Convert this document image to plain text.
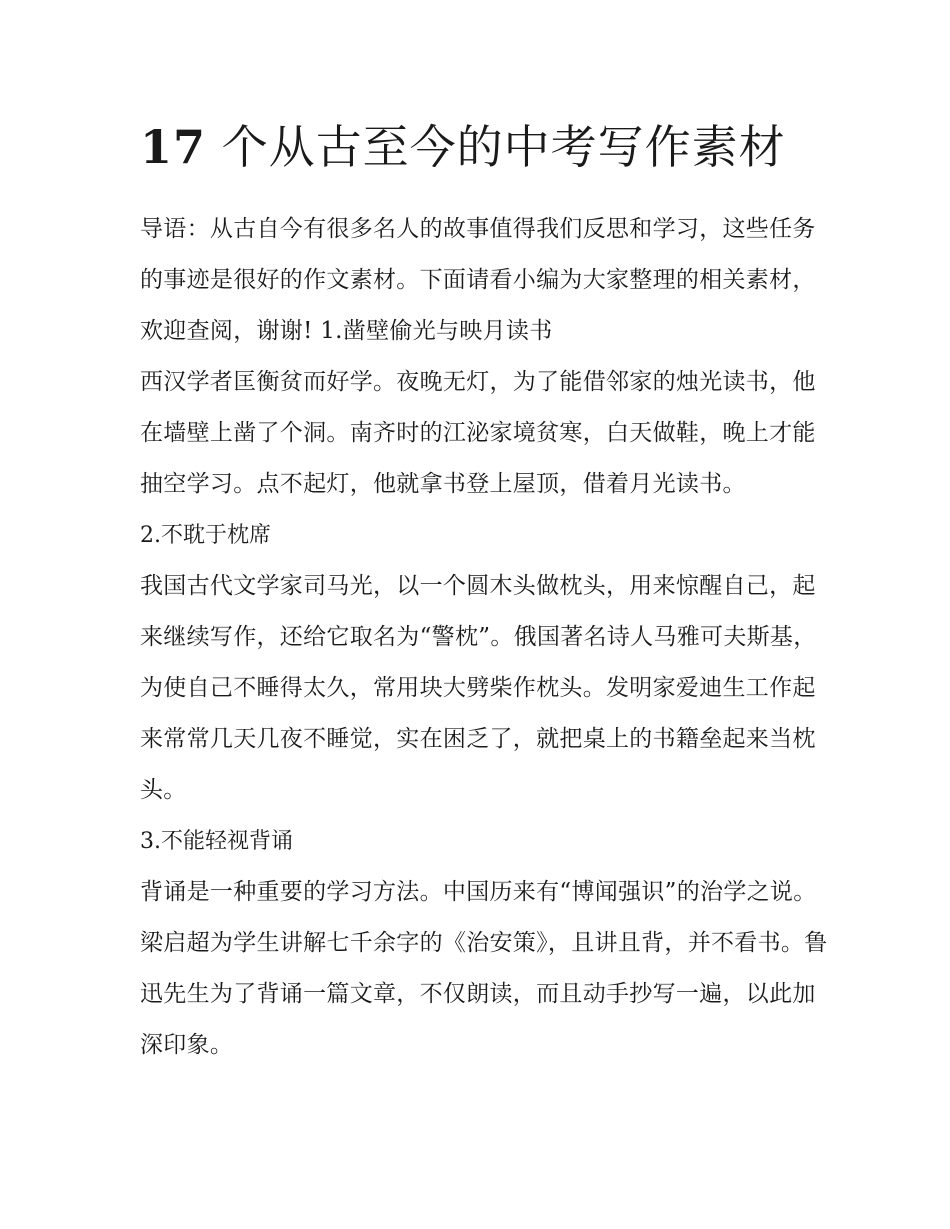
17 个从古至今的中考写作素材

导语：从古自今有很多名人的故事值得我们反思和学习，这些任务的事迹是很好的作文素材。下面请看小编为大家整理的相关素材，欢迎查阅，谢谢! 1.凿壁偷光与映月读书

西汉学者匡衡贫而好学。夜晚无灯，为了能借邻家的烛光读书，他在墙壁上凿了个洞。南齐时的江泌家境贫寒，白天做鞋，晚上才能抽空学习。点不起灯，他就拿书登上屋顶，借着月光读书。

2.不耽于枕席

我国古代文学家司马光，以一个圆木头做枕头，用来惊醒自己，起来继续写作，还给它取名为“警枕”。俄国著名诗人马雅可夫斯基，为使自己不睡得太久，常用块大劈柴作枕头。发明家爱迪生工作起来常常几天几夜不睡觉，实在困乏了，就把桌上的书籍垒起来当枕头。

3.不能轻视背诵

背诵是一种重要的学习方法。中国历来有“博闻强识”的治学之说。梁启超为学生讲解七千余字的《治安策》，且讲且背，并不看书。鲁迅先生为了背诵一篇文章，不仅朗读，而且动手抄写一遍，以此加深印象。
